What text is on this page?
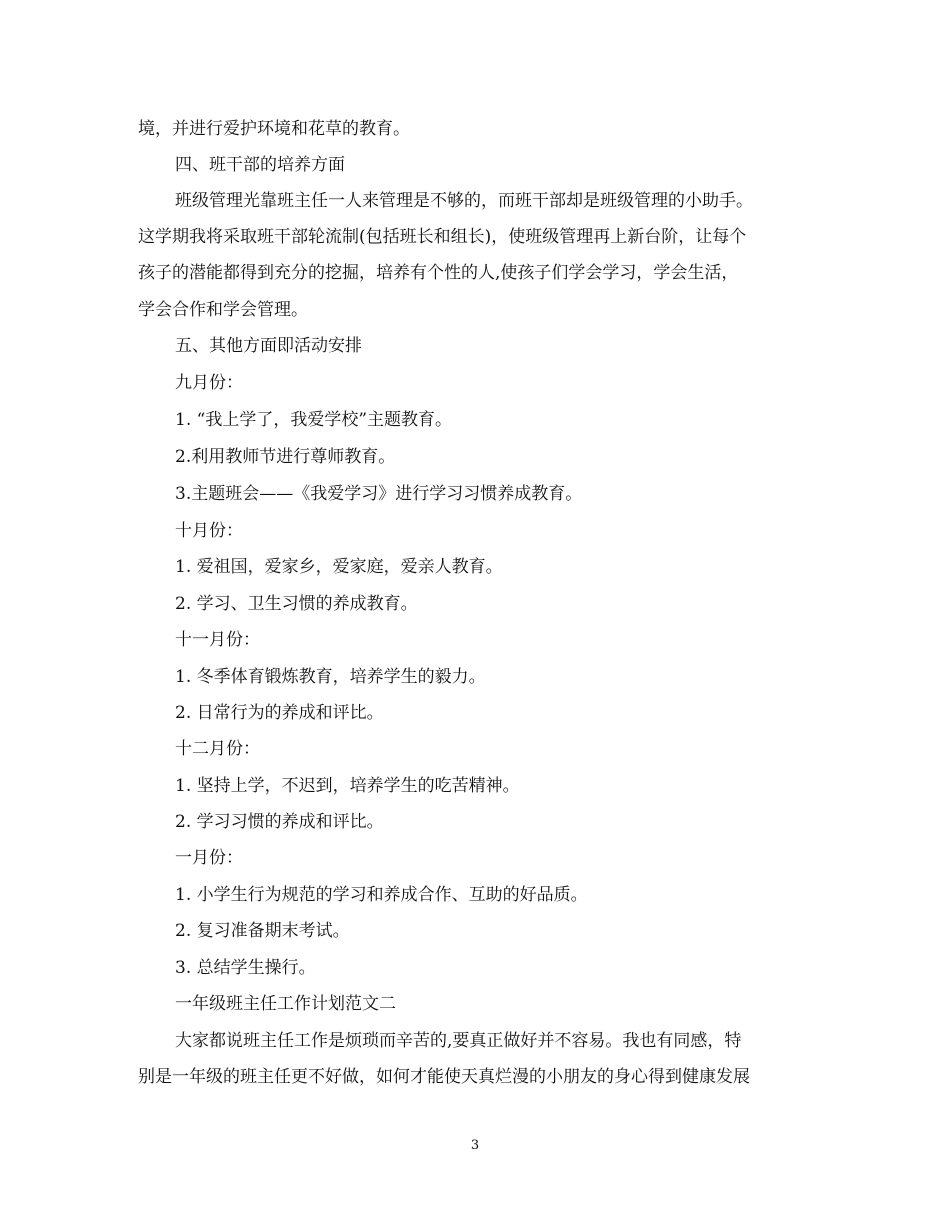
境，并进行爱护环境和花草的教育。
四、班干部的培养方面
班级管理光靠班主任一人来管理是不够的，而班干部却是班级管理的小助手。
这学期我将采取班干部轮流制(包括班长和组长)，使班级管理再上新台阶，让每个
孩子的潜能都得到充分的挖掘，培养有个性的人,使孩子们学会学习，学会生活，
学会合作和学会管理。
五、其他方面即活动安排
九月份：
1. “我上学了，我爱学校”主题教育。
2.利用教师节进行尊师教育。
3.主题班会——《我爱学习》进行学习习惯养成教育。
十月份：
1. 爱祖国，爱家乡，爱家庭，爱亲人教育。
2. 学习、卫生习惯的养成教育。
十一月份：
1. 冬季体育锻炼教育，培养学生的毅力。
2. 日常行为的养成和评比。
十二月份：
1. 坚持上学，不迟到，培养学生的吃苦精神。
2. 学习习惯的养成和评比。
一月份：
1. 小学生行为规范的学习和养成合作、互助的好品质。
2. 复习准备期末考试。
3. 总结学生操行。
一年级班主任工作计划范文二
大家都说班主任工作是烦琐而辛苦的,要真正做好并不容易。我也有同感，特
别是一年级的班主任更不好做，如何才能使天真烂漫的小朋友的身心得到健康发展
3
